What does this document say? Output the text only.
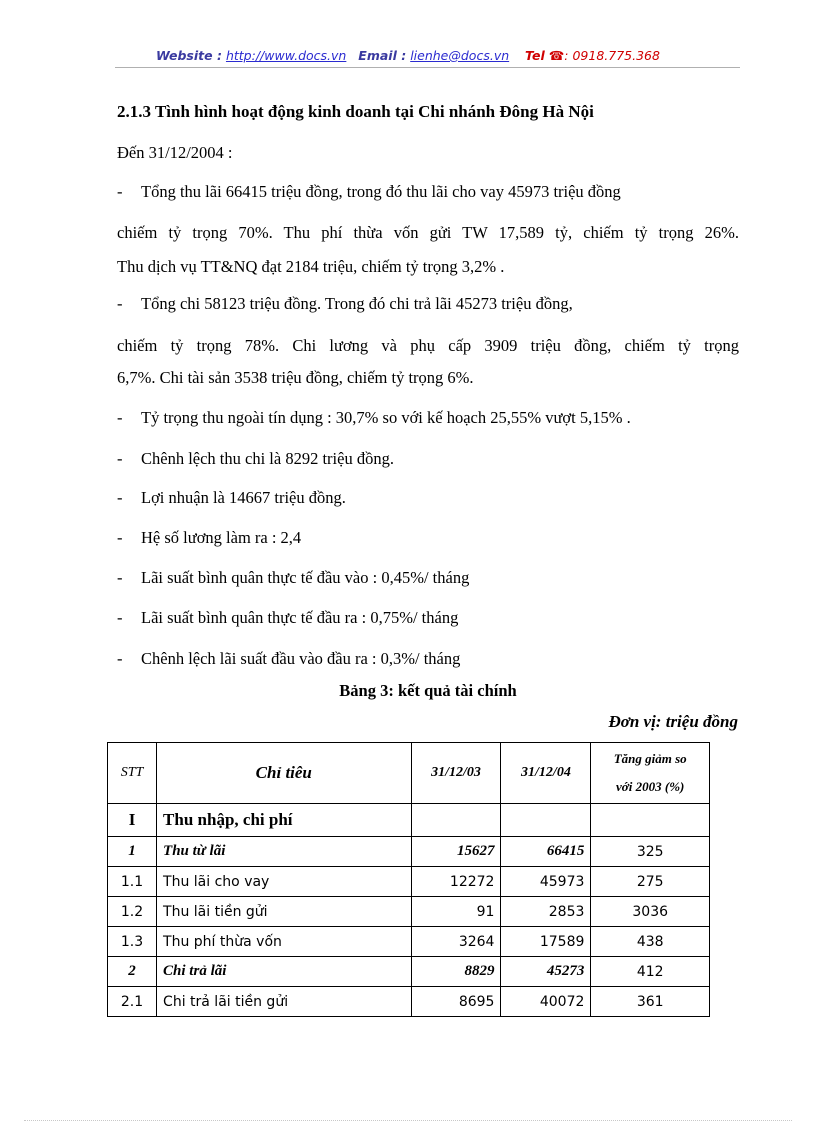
Website : http://www.docs.vn Email : lienhe@docs.vn Tel ☎: 0918.775.368
2.1.3 Tình hình hoạt động kinh doanh tại Chi nhánh Đông Hà Nội
Đến 31/12/2004 :
-	Tổng thu lãi 66415 triệu đồng, trong đó thu lãi cho vay 45973 triệu đồng
chiếm tỷ trọng 70%. Thu phí thừa vốn gửi TW 17,589 tỷ, chiếm tỷ trọng 26%.
Thu dịch vụ TT&NQ đạt 2184 triệu, chiếm tỷ trọng 3,2% .
-	Tổng chi 58123 triệu đồng. Trong đó chi trả lãi 45273 triệu đồng,
chiếm tỷ trọng 78%. Chi lương và phụ cấp 3909 triệu đồng, chiếm tỷ trọng
6,7%. Chi tài sản 3538 triệu đồng, chiếm tỷ trọng 6%.
-	Tỷ trọng thu ngoài tín dụng : 30,7% so với kế hoạch 25,55% vượt 5,15% .
-	Chênh lệch thu chi là 8292 triệu đồng.
-	Lợi nhuận là 14667 triệu đồng.
-	Hệ số lương làm ra : 2,4
-	Lãi suất bình quân thực tế đầu vào : 0,45%/ tháng
-	Lãi suất bình quân thực tế đầu ra : 0,75%/ tháng
-	Chênh lệch lãi suất đầu vào đầu ra : 0,3%/ tháng
Bảng 3: kết quả tài chính
Đơn vị: triệu đồng
STT	Chỉ tiêu	31/12/03	31/12/04	Tăng giảm so
với 2003 (%)
I	Thu nhập, chi phí			
1	Thu từ lãi	15627	66415	325
1.1	Thu lãi cho vay	12272	45973	275
1.2	Thu lãi tiền gửi	91	2853	3036
1.3	Thu phí thừa vốn	3264	17589	438
2	Chi trả lãi	8829	45273	412
2.1	Chi trả lãi tiền gửi	8695	40072	361
